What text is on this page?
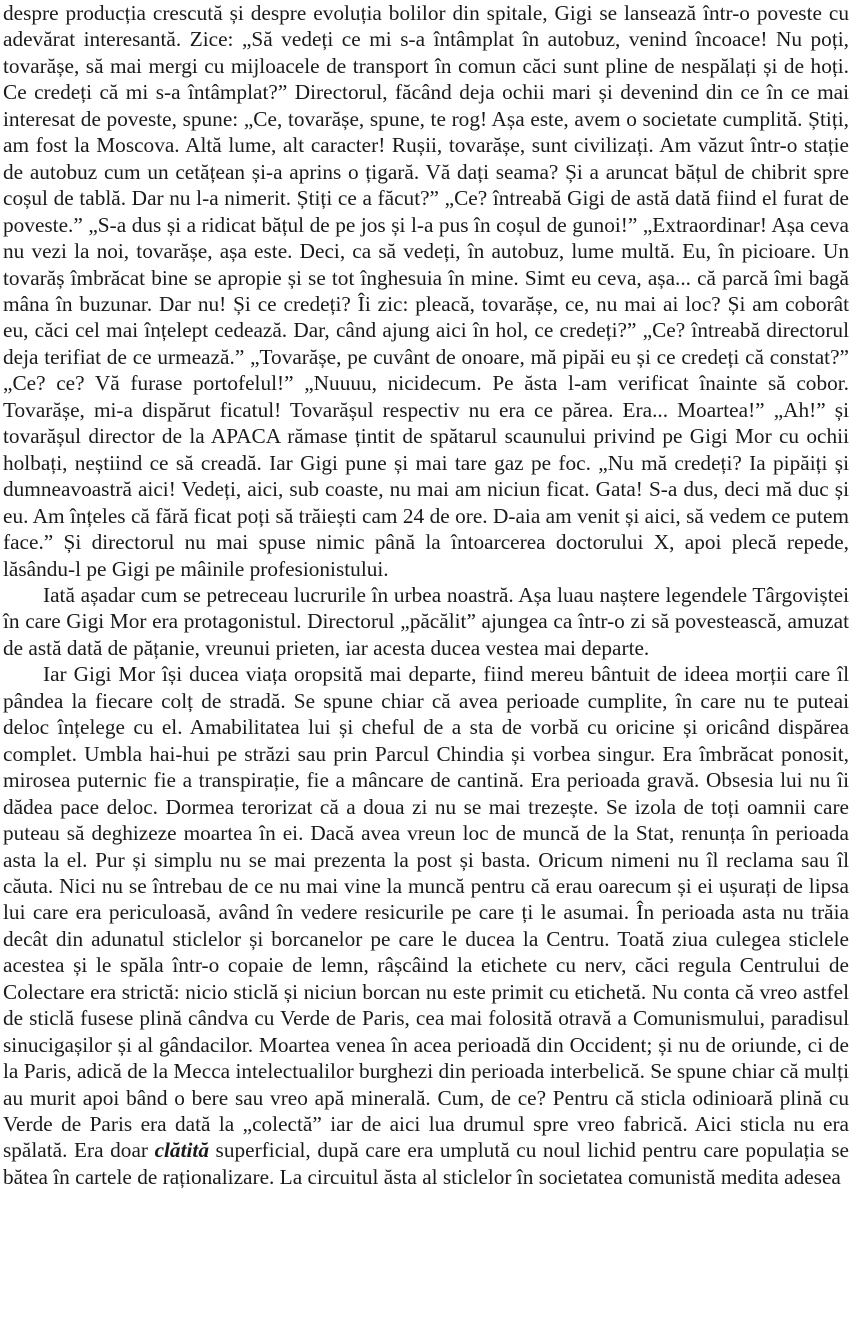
despre producția crescută și despre evoluția bolilor din spitale, Gigi se lansează într-o poveste cu adevărat interesantă. Zice: „Să vedeți ce mi s-a întâmplat în autobuz, venind încoace! Nu poți, tovarășe, să mai mergi cu mijloacele de transport în comun căci sunt pline de nespălați și de hoți. Ce credeți că mi s-a întâmplat?” Directorul, făcând deja ochii mari și devenind din ce în ce mai interesat de poveste, spune: „Ce, tovarășe, spune, te rog! Așa este, avem o societate cumplită. Știți, am fost la Moscova. Altă lume, alt caracter! Rușii, tovarășe, sunt civilizați. Am văzut într-o stație de autobuz cum un cetățean și-a aprins o țigară. Vă dați seama? Și a aruncat bățul de chibrit spre coșul de tablă. Dar nu l-a nimerit. Știți ce a făcut?” „Ce? întreabă Gigi de astă dată fiind el furat de poveste.” „S-a dus și a ridicat bățul de pe jos și l-a pus în coșul de gunoi!” „Extraordinar! Așa ceva nu vezi la noi, tovarășe, așa este. Deci, ca să vedeți, în autobuz, lume multă. Eu, în picioare. Un tovarăș îmbrăcat bine se apropie și se tot înghesuia în mine. Simt eu ceva, așa... că parcă îmi bagă mâna în buzunar. Dar nu! Și ce credeți? Îi zic: pleacă, tovarășe, ce, nu mai ai loc? Și am coborât eu, căci cel mai înțelept cedează. Dar, când ajung aici în hol, ce credeți?” „Ce? întreabă directorul deja terifiat de ce urmează.” „Tovarășe, pe cuvânt de onoare, mă pipăi eu și ce credeți că constat?” „Ce? ce? Vă furase portofelul!” „Nuuuu, nicidecum. Pe ăsta l-am verificat înainte să cobor. Tovarășe, mi-a dispărut ficatul! Tovarășul respectiv nu era ce părea. Era... Moartea!” „Ah!” și tovarășul director de la APACA rămase țintit de spătarul scaunului privind pe Gigi Mor cu ochii holbați, neștiind ce să creadă. Iar Gigi pune și mai tare gaz pe foc. „Nu mă credeți? Ia pipăiți și dumneavoastră aici! Vedeți, aici, sub coaste, nu mai am niciun ficat. Gata! S-a dus, deci mă duc și eu. Am înțeles că fără ficat poți să trăiești cam 24 de ore. D-aia am venit și aici, să vedem ce putem face.” Și directorul nu mai spuse nimic până la întoarcerea doctorului X, apoi plecă repede, lăsându-l pe Gigi pe mâinile profesionistului.

Iată așadar cum se petreceau lucrurile în urbea noastră. Așa luau naștere legendele Târgoviștei în care Gigi Mor era protagonistul. Directorul „păcălit” ajungea ca într-o zi să povestească, amuzat de astă dată de pățanie, vreunui prieten, iar acesta ducea vestea mai departe.

Iar Gigi Mor își ducea viața oropsită mai departe, fiind mereu bântuit de ideea morții care îl pândea la fiecare colț de stradă. Se spune chiar că avea perioade cumplite, în care nu te puteai deloc înțelege cu el. Amabilitatea lui și cheful de a sta de vorbă cu oricine și oricând dispărea complet. Umbla hai-hui pe străzi sau prin Parcul Chindia și vorbea singur. Era îmbrăcat ponosit, mirosea puternic fie a transpirație, fie a mâncare de cantină. Era perioada gravă. Obsesia lui nu îi dădea pace deloc. Dormea terorizat că a doua zi nu se mai trezește. Se izola de toți oamnii care puteau să deghizeze moartea în ei. Dacă avea vreun loc de muncă de la Stat, renunța în perioada asta la el. Pur și simplu nu se mai prezenta la post și basta. Oricum nimeni nu îl reclama sau îl căuta. Nici nu se întrebau de ce nu mai vine la muncă pentru că erau oarecum și ei ușurați de lipsa lui care era periculoasă, având în vedere resicurile pe care ți le asumai. În perioada asta nu trăia decât din adunatul sticlelor și borcanelor pe care le ducea la Centru. Toată ziua culegea sticlele acestea și le spăla într-o copaie de lemn, râșcâind la etichete cu nerv, căci regula Centrului de Colectare era strictă: nicio sticlă și niciun borcan nu este primit cu etichetă. Nu conta că vreo astfel de sticlă fusese plină cândva cu Verde de Paris, cea mai folosită otravă a Comunismului, paradisul sinucigașilor și al gândacilor. Moartea venea în acea perioadă din Occident; și nu de oriunde, ci de la Paris, adică de la Mecca intelectualilor burghezi din perioada interbelică. Se spune chiar că mulți au murit apoi bând o bere sau vreo apă minerală. Cum, de ce? Pentru că sticla odinioară plină cu Verde de Paris era dată la „colectă” iar de aici lua drumul spre vreo fabrică. Aici sticla nu era spălată. Era doar clătită superficial, după care era umplută cu noul lichid pentru care populația se bătea în cartele de raționalizare. La circuitul ăsta al sticlelor în societatea comunistă medita adesea
